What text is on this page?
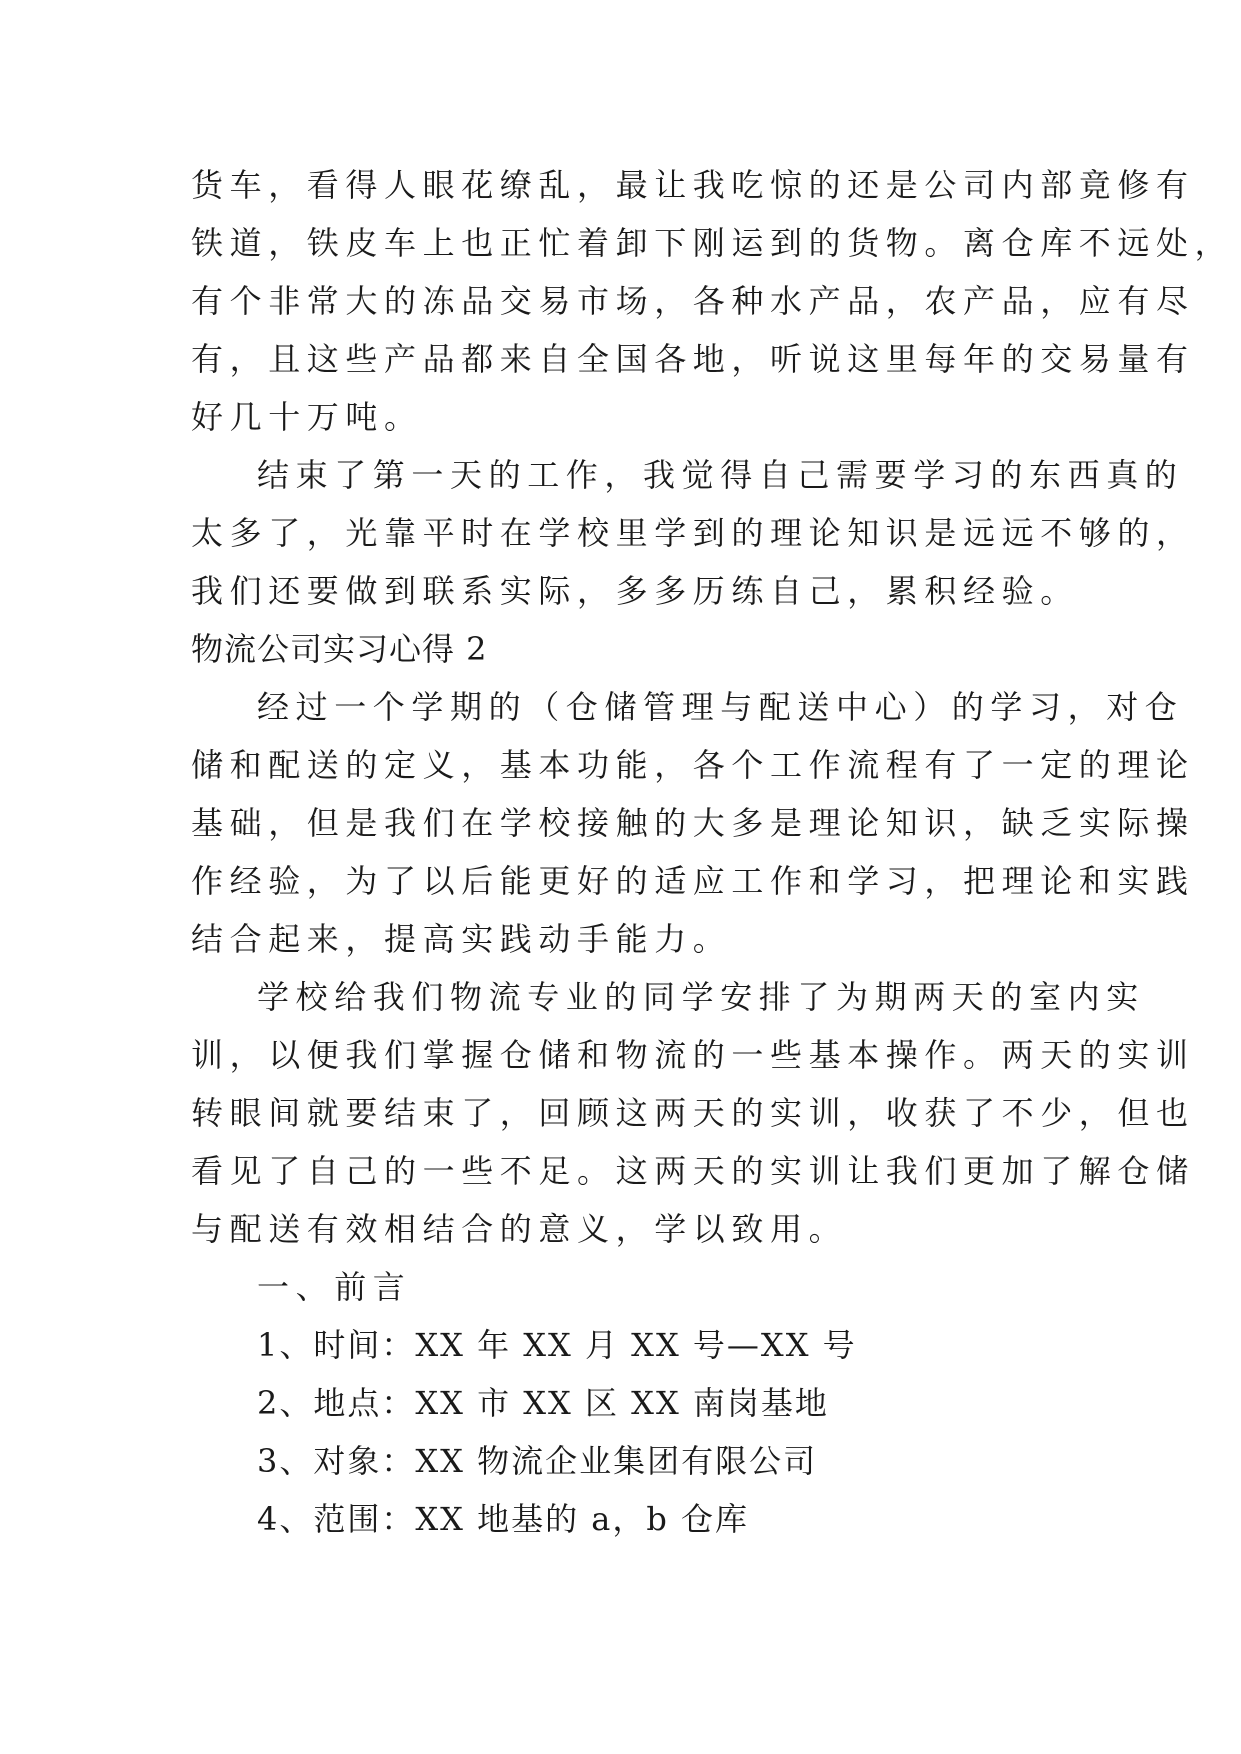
货车，看得人眼花缭乱，最让我吃惊的还是公司内部竟修有

铁道，铁皮车上也正忙着卸下刚运到的货物。离仓库不远处，

有个非常大的冻品交易市场，各种水产品，农产品，应有尽

有，且这些产品都来自全国各地，听说这里每年的交易量有

好几十万吨。

结束了第一天的工作，我觉得自己需要学习的东西真的

太多了，光靠平时在学校里学到的理论知识是远远不够的，

我们还要做到联系实际，多多历练自己，累积经验。

物流公司实习心得 2

经过一个学期的（仓储管理与配送中心）的学习，对仓

储和配送的定义，基本功能，各个工作流程有了一定的理论

基础，但是我们在学校接触的大多是理论知识，缺乏实际操

作经验，为了以后能更好的适应工作和学习，把理论和实践

结合起来，提高实践动手能力。

学校给我们物流专业的同学安排了为期两天的室内实

训，以便我们掌握仓储和物流的一些基本操作。两天的实训

转眼间就要结束了，回顾这两天的实训，收获了不少，但也

看见了自己的一些不足。这两天的实训让我们更加了解仓储

与配送有效相结合的意义，学以致用。

一、前言

1、时间：XX 年 XX 月 XX 号—XX 号

2、地点：XX 市 XX 区 XX 南岗基地

3、对象：XX 物流企业集团有限公司

4、范围：XX 地基的 a，b 仓库
